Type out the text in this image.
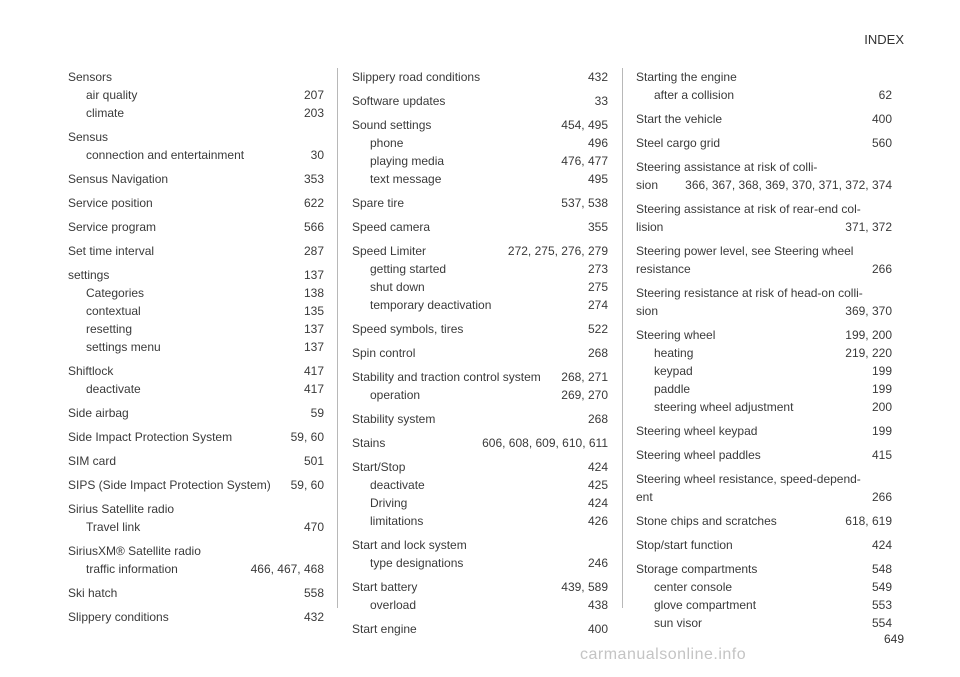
INDEX
Sensors
air quality	207
climate	203
Sensus
connection and entertainment	30
Sensus Navigation	353
Service position	622
Service program	566
Set time interval	287
settings	137
Categories	138
contextual	135
resetting	137
settings menu	137
Shiftlock	417
deactivate	417
Side airbag	59
Side Impact Protection System	59, 60
SIM card	501
SIPS (Side Impact Protection System) 59, 60
Sirius Satellite radio
Travel link	470
SiriusXM® Satellite radio
traffic information	466, 467, 468
Ski hatch	558
Slippery conditions	432
Slippery road conditions	432
Software updates	33
Sound settings	454, 495
phone	496
playing media	476, 477
text message	495
Spare tire	537, 538
Speed camera	355
Speed Limiter	272, 275, 276, 279
getting started	273
shut down	275
temporary deactivation	274
Speed symbols, tires	522
Spin control	268
Stability and traction control system 268, 271
operation	269, 270
Stability system	268
Stains	606, 608, 609, 610, 611
Start/Stop	424
deactivate	425
Driving	424
limitations	426
Start and lock system
type designations	246
Start battery	439, 589
overload	438
Start engine	400
Starting the engine
after a collision	62
Start the vehicle	400
Steel cargo grid	560
Steering assistance at risk of colli-
sion 366, 367, 368, 369, 370, 371, 372, 374
Steering assistance at risk of rear-end col-
lision	371, 372
Steering power level, see Steering wheel
resistance	266
Steering resistance at risk of head-on colli-
sion	369, 370
Steering wheel	199, 200
heating	219, 220
keypad	199
paddle	199
steering wheel adjustment	200
Steering wheel keypad	199
Steering wheel paddles	415
Steering wheel resistance, speed-depend-
ent	266
Stone chips and scratches	618, 619
Stop/start function	424
Storage compartments	548
center console	549
glove compartment	553
sun visor	554
649
carmanualsonline.info
